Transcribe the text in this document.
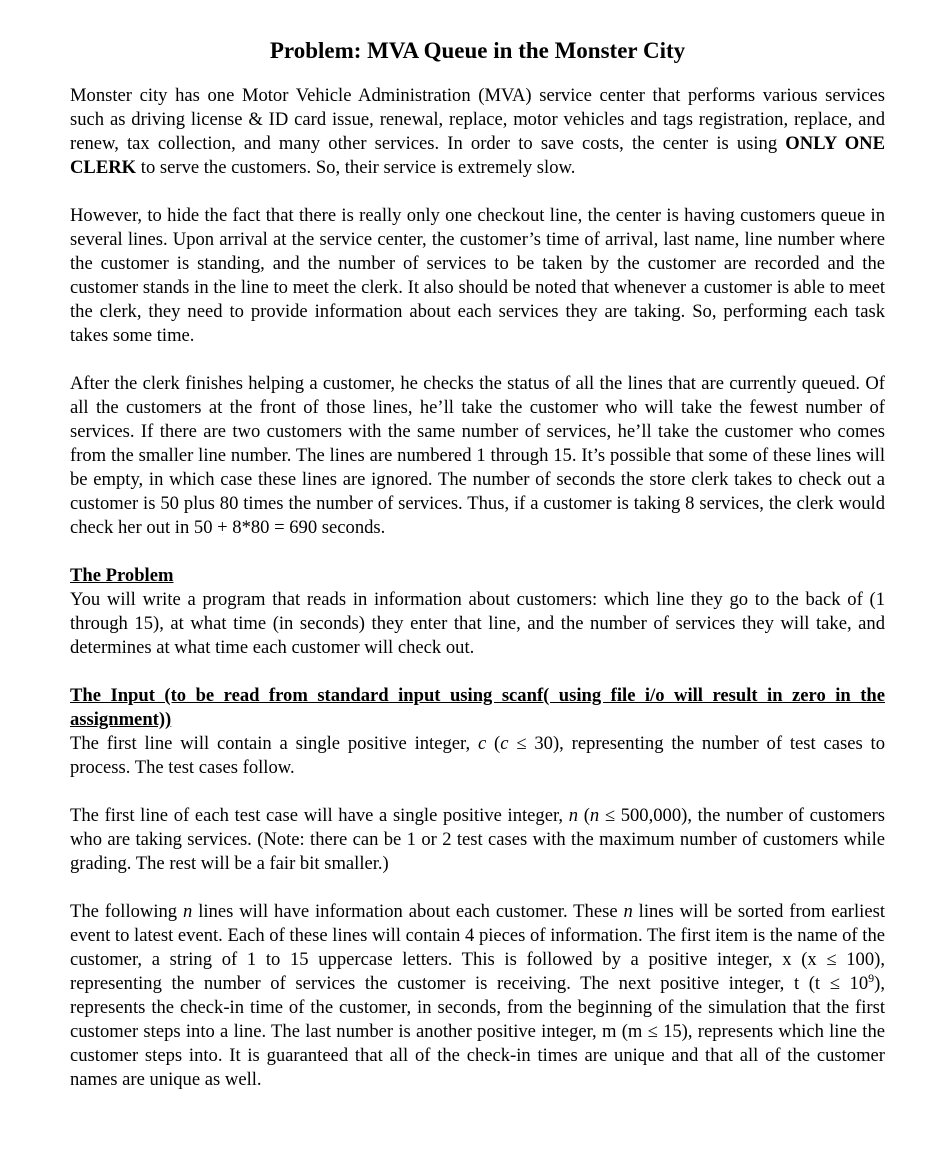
Problem: MVA Queue in the Monster City

Monster city has one Motor Vehicle Administration (MVA) service center that performs various services such as driving license & ID card issue, renewal, replace, motor vehicles and tags registration, replace, and renew, tax collection, and many other services. In order to save costs, the center is using ONLY ONE CLERK to serve the customers. So, their service is extremely slow.

However, to hide the fact that there is really only one checkout line, the center is having customers queue in several lines. Upon arrival at the service center, the customer’s time of arrival, last name, line number where the customer is standing, and the number of services to be taken by the customer are recorded and the customer stands in the line to meet the clerk. It also should be noted that whenever a customer is able to meet the clerk, they need to provide information about each services they are taking. So, performing each task takes some time.

After the clerk finishes helping a customer, he checks the status of all the lines that are currently queued. Of all the customers at the front of those lines, he’ll take the customer who will take the fewest number of services. If there are two customers with the same number of services, he’ll take the customer who comes from the smaller line number. The lines are numbered 1 through 15. It’s possible that some of these lines will be empty, in which case these lines are ignored. The number of seconds the store clerk takes to check out a customer is 50 plus 80 times the number of services. Thus, if a customer is taking 8 services, the clerk would check her out in 50 + 8*80 = 690 seconds.

The Problem

You will write a program that reads in information about customers: which line they go to the back of (1 through 15), at what time (in seconds) they enter that line, and the number of services they will take, and determines at what time each customer will check out.

The Input (to be read from standard input using scanf( using file i/o will result in zero in the assignment))

The first line will contain a single positive integer, c (c ≤ 30), representing the number of test cases to process. The test cases follow.

The first line of each test case will have a single positive integer, n (n ≤ 500,000), the number of customers who are taking services. (Note: there can be 1 or 2 test cases with the maximum number of customers while grading. The rest will be a fair bit smaller.)

The following n lines will have information about each customer. These n lines will be sorted from earliest event to latest event. Each of these lines will contain 4 pieces of information. The first item is the name of the customer, a string of 1 to 15 uppercase letters. This is followed by a positive integer, x (x ≤ 100), representing the number of services the customer is receiving. The next positive integer, t $(t \le 10^9)$, represents the check-in time of the customer, in seconds, from the beginning of the simulation that the first customer steps into a line. The last number is another positive integer, m (m ≤ 15), represents which line the customer steps into. It is guaranteed that all of the check-in times are unique and that all of the customer names are unique as well.
